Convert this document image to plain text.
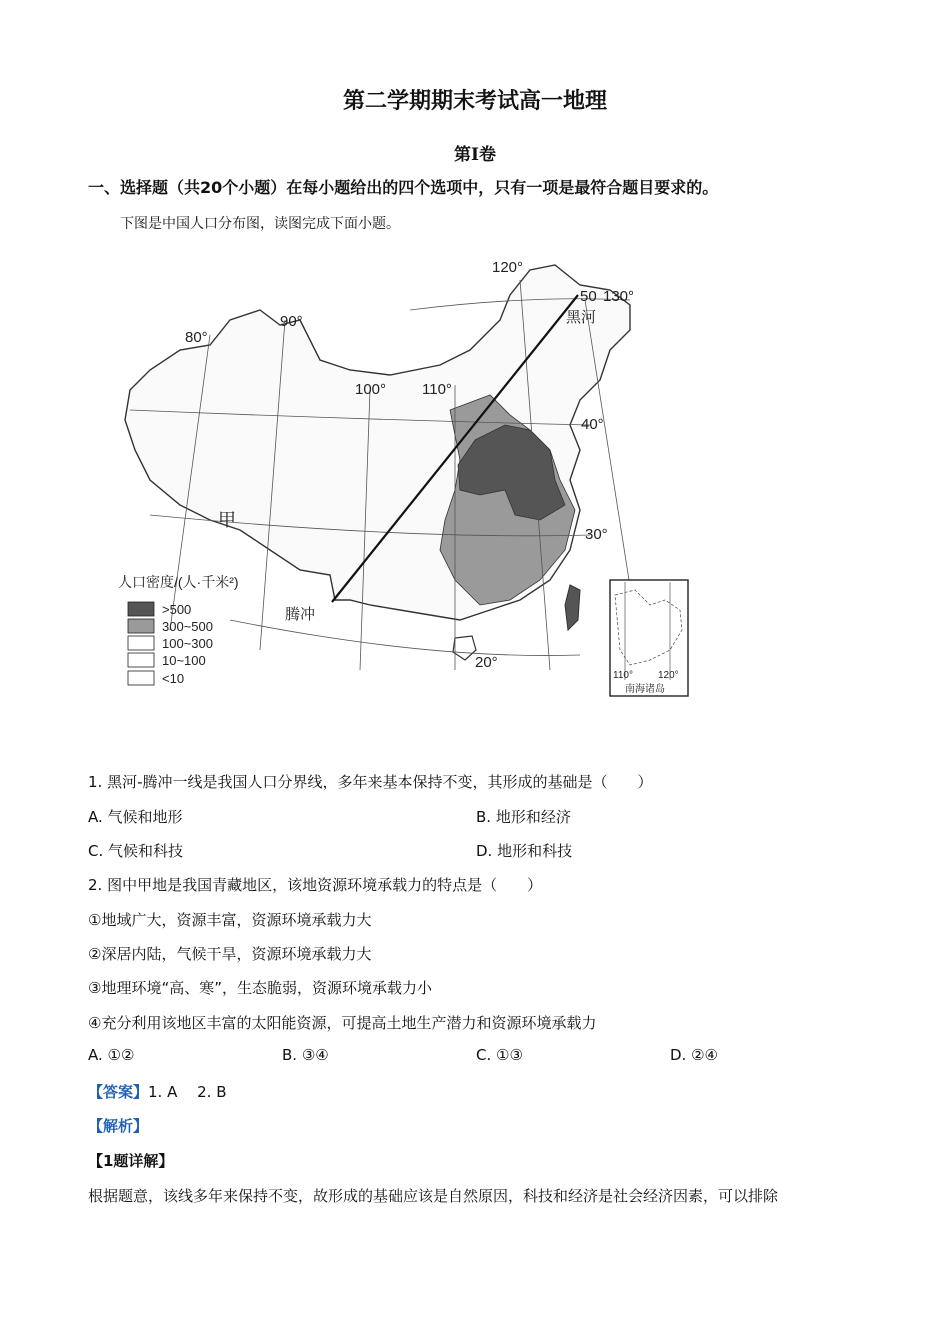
第二学期期末考试高一地理
第Ⅰ卷
一、选择题（共20个小题）在每小题给出的四个选项中，只有一项是最符合题目要求的。
下图是中国人口分布图，读图完成下面小题。
80°
90°
100° 110°
120°
130°
20°
30°
40°
50
黑河
腾冲
甲
人口密度/(人·千米²)
>500
300~500
100~300
10~100
<10	110°	120°
南海诸岛
1. 黑河-腾冲一线是我国人口分界线，多年来基本保持不变，其形成的基础是（　　）
A. 气候和地形	B. 地形和经济
C. 气候和科技	D. 地形和科技
2. 图中甲地是我国青藏地区，该地资源环境承载力的特点是（　　）
①地域广大，资源丰富，资源环境承载力大
②深居内陆，气候干旱，资源环境承载力大
③地理环境“高、寒”，生态脆弱，资源环境承载力小
④充分利用该地区丰富的太阳能资源，可提高土地生产潜力和资源环境承载力
A. ①②	B. ③④	C. ①③	D. ②④
【答案】1. A　 2. B
【解析】
【1题详解】
根据题意，该线多年来保持不变，故形成的基础应该是自然原因，科技和经济是社会经济因素，可以排除
